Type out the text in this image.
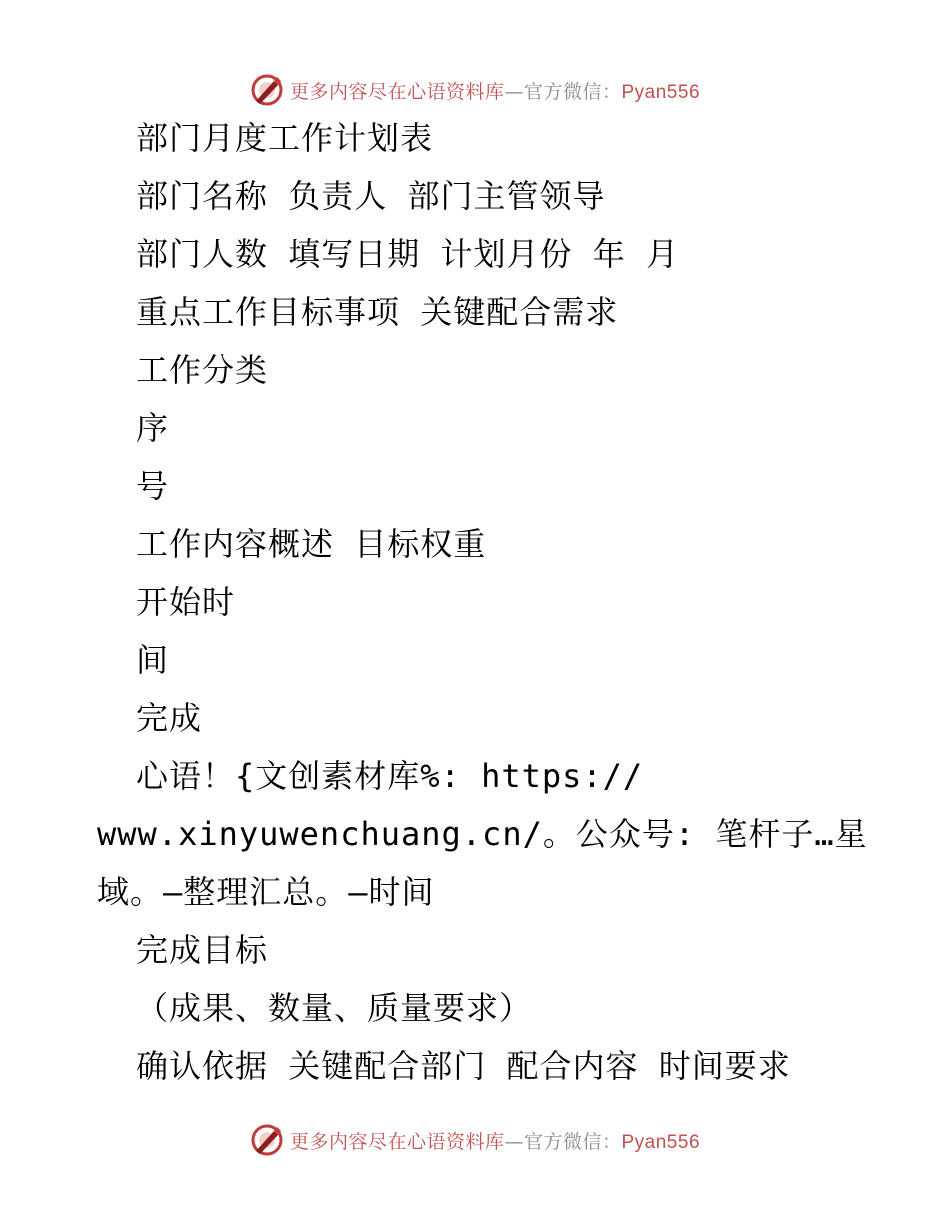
更多内容尽在心语资料库—官方微信：Pyan556
部门月度工作计划表
部门名称 负责人 部门主管领导
部门人数 填写日期 计划月份 年 月
重点工作目标事项 关键配合需求
工作分类
序
号
工作内容概述 目标权重
开始时
间
完成
心语！{文创素材库%: https://
www.xinyuwenchuang.cn/。公众号: 笔杆子…星
域。—整理汇总。—时间
完成目标
（成果、数量、质量要求）
确认依据 关键配合部门 配合内容 时间要求
更多内容尽在心语资料库—官方微信：Pyan556
